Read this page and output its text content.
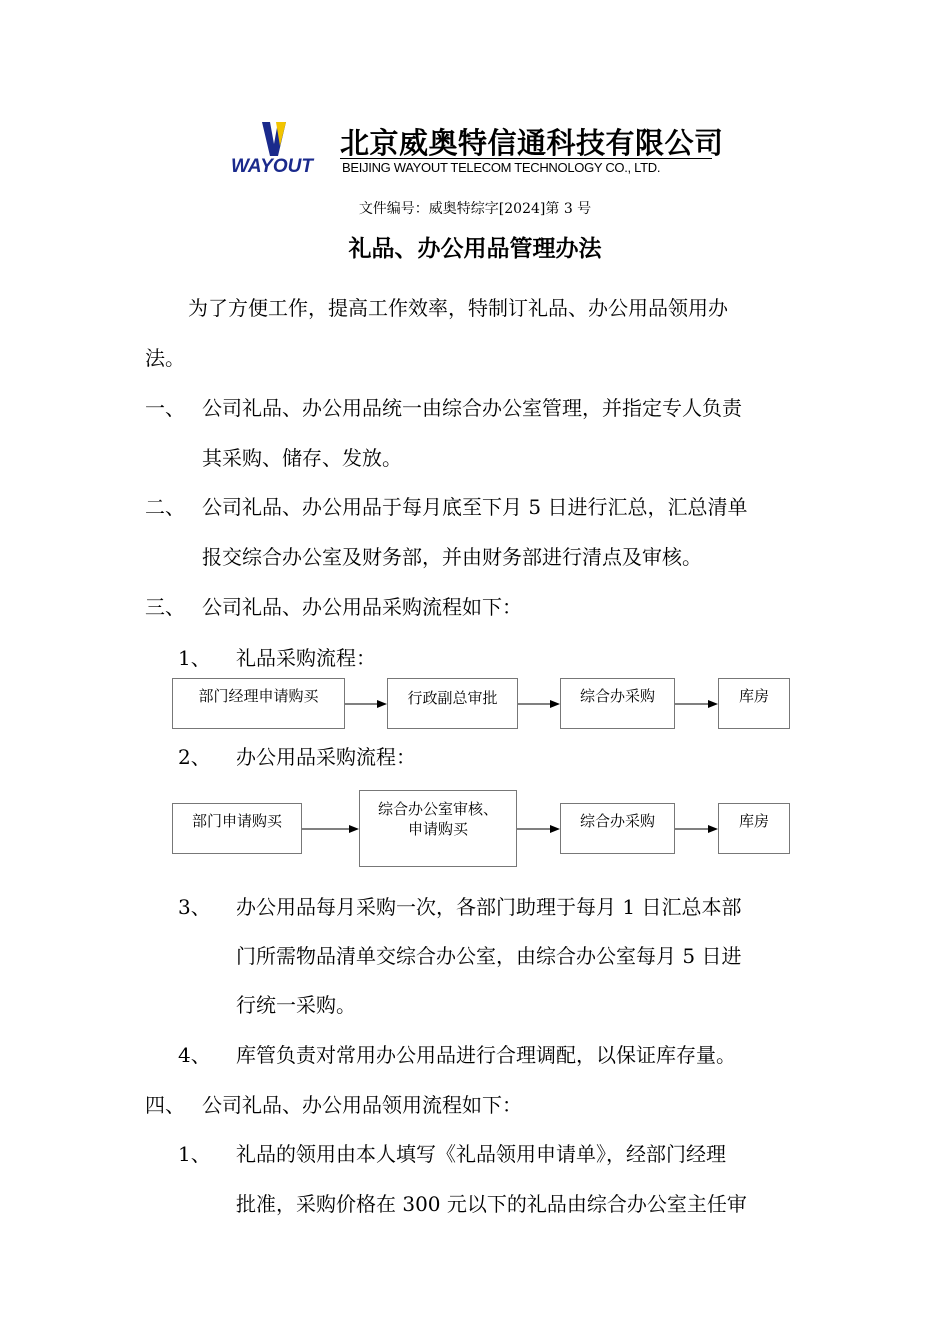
WAYOUT
北京威奥特信通科技有限公司
BEIJING WAYOUT TELECOM TECHNOLOGY CO., LTD.
文件编号：威奥特综字[2024]第 3 号
礼品、办公用品管理办法
为了方便工作，提高工作效率，特制订礼品、办公用品领用办
法。
一、 公司礼品、办公用品统一由综合办公室管理，并指定专人负责
其采购、储存、发放。
二、 公司礼品、办公用品于每月底至下月 5 日进行汇总，汇总清单
报交综合办公室及财务部，并由财务部进行清点及审核。
三、 公司礼品、办公用品采购流程如下：
1、 礼品采购流程：
部门经理申请购买	行政副总审批	综合办采购	库房
2、 办公用品采购流程：
部门申请购买
综合办公室审核、
申请购买	综合办采购	库房
3、 办公用品每月采购一次，各部门助理于每月 1 日汇总本部
门所需物品清单交综合办公室，由综合办公室每月 5 日进
行统一采购。
4、 库管负责对常用办公用品进行合理调配，以保证库存量。
四、 公司礼品、办公用品领用流程如下：
1、 礼品的领用由本人填写《礼品领用申请单》，经部门经理
批准，采购价格在 300 元以下的礼品由综合办公室主任审
